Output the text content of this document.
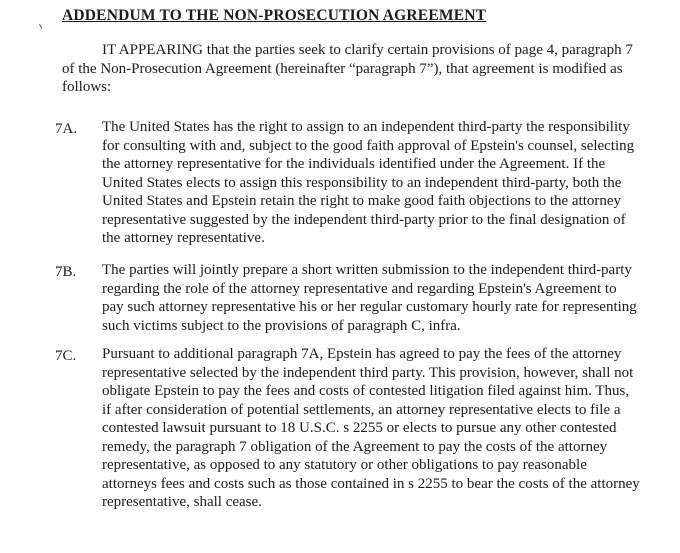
ADDENDUM TO THE NON-PROSECUTION AGREEMENT
IT APPEARING that the parties seek to clarify certain provisions of page 4, paragraph 7
of the Non-Prosecution Agreement (hereinafter “paragraph 7”), that agreement is modified as
follows:
7A. The United States has the right to assign to an independent third-party the responsibility
for consulting with and, subject to the good faith approval of Epstein's counsel, selecting
the attorney representative for the individuals identified under the Agreement. If the
United States elects to assign this responsibility to an independent third-party, both the
United States and Epstein retain the right to make good faith objections to the attorney
representative suggested by the independent third-party prior to the final designation of
the attorney representative.
7B. The parties will jointly prepare a short written submission to the independent third-party
regarding the role of the attorney representative and regarding Epstein's Agreement to
pay such attorney representative his or her regular customary hourly rate for representing
such victims subject to the provisions of paragraph C, infra.
7C. Pursuant to additional paragraph 7A, Epstein has agreed to pay the fees of the attorney
representative selected by the independent third party. This provision, however, shall not
obligate Epstein to pay the fees and costs of contested litigation filed against him. Thus,
if after consideration of potential settlements, an attorney representative elects to file a
contested lawsuit pursuant to 18 U.S.C. s 2255 or elects to pursue any other contested
remedy, the paragraph 7 obligation of the Agreement to pay the costs of the attorney
representative, as opposed to any statutory or other obligations to pay reasonable
attorneys fees and costs such as those contained in s 2255 to bear the costs of the attorney
representative, shall cease.
